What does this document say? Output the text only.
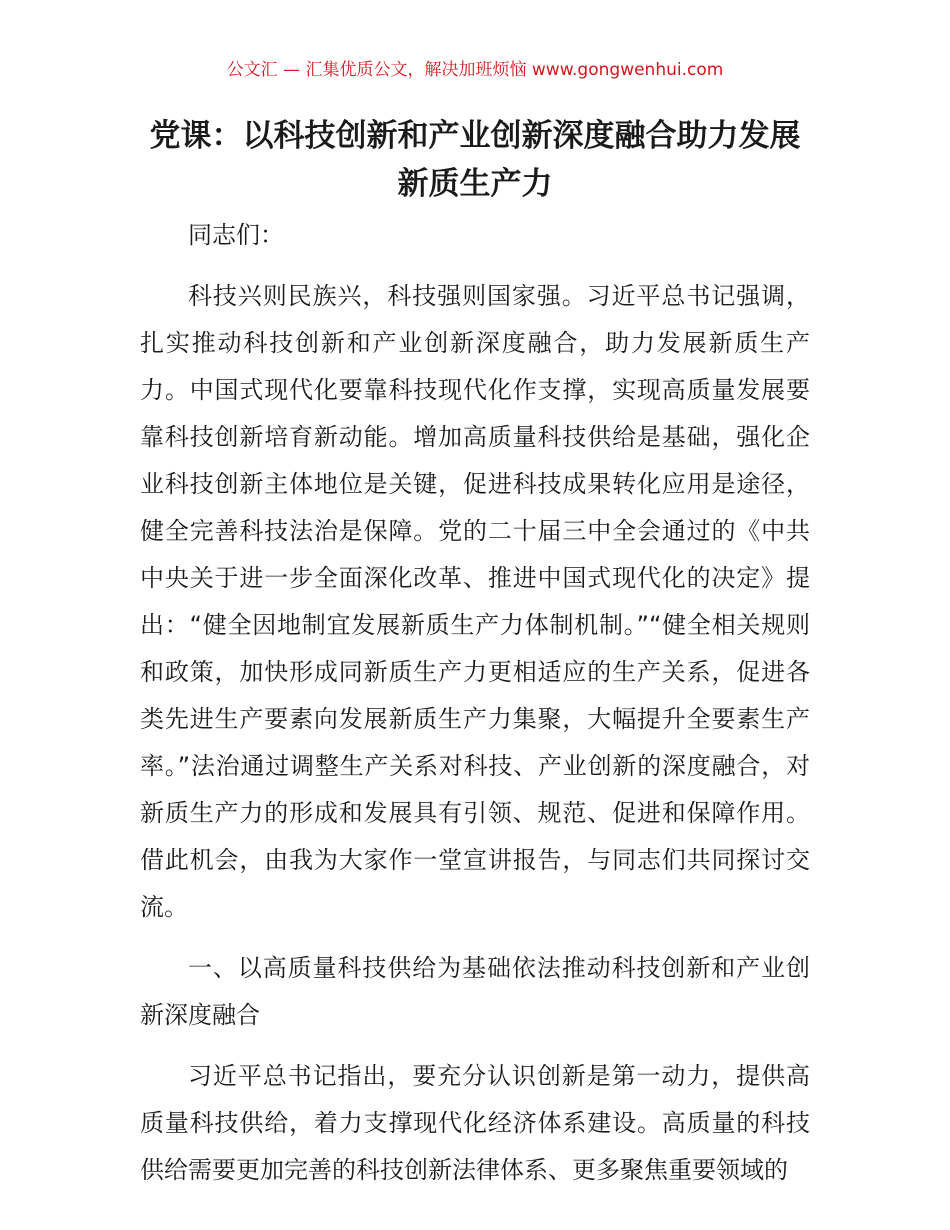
公文汇 — 汇集优质公文，解决加班烦恼 www.gongwenhui.com
党课：以科技创新和产业创新深度融合助力发展新质生产力

同志们：

科技兴则民族兴，科技强则国家强。习近平总书记强调，扎实推动科技创新和产业创新深度融合，助力发展新质生产力。中国式现代化要靠科技现代化作支撑，实现高质量发展要靠科技创新培育新动能。增加高质量科技供给是基础，强化企业科技创新主体地位是关键，促进科技成果转化应用是途径，健全完善科技法治是保障。党的二十届三中全会通过的《中共中央关于进一步全面深化改革、推进中国式现代化的决定》提出：“健全因地制宜发展新质生产力体制机制。”“健全相关规则和政策，加快形成同新质生产力更相适应的生产关系，促进各类先进生产要素向发展新质生产力集聚，大幅提升全要素生产率。”法治通过调整生产关系对科技、产业创新的深度融合，对新质生产力的形成和发展具有引领、规范、促进和保障作用。借此机会，由我为大家作一堂宣讲报告，与同志们共同探讨交流。

一、以高质量科技供给为基础依法推动科技创新和产业创新深度融合

习近平总书记指出，要充分认识创新是第一动力，提供高质量科技供给，着力支撑现代化经济体系建设。高质量的科技供给需要更加完善的科技创新法律体系、更多聚焦重要领域的
